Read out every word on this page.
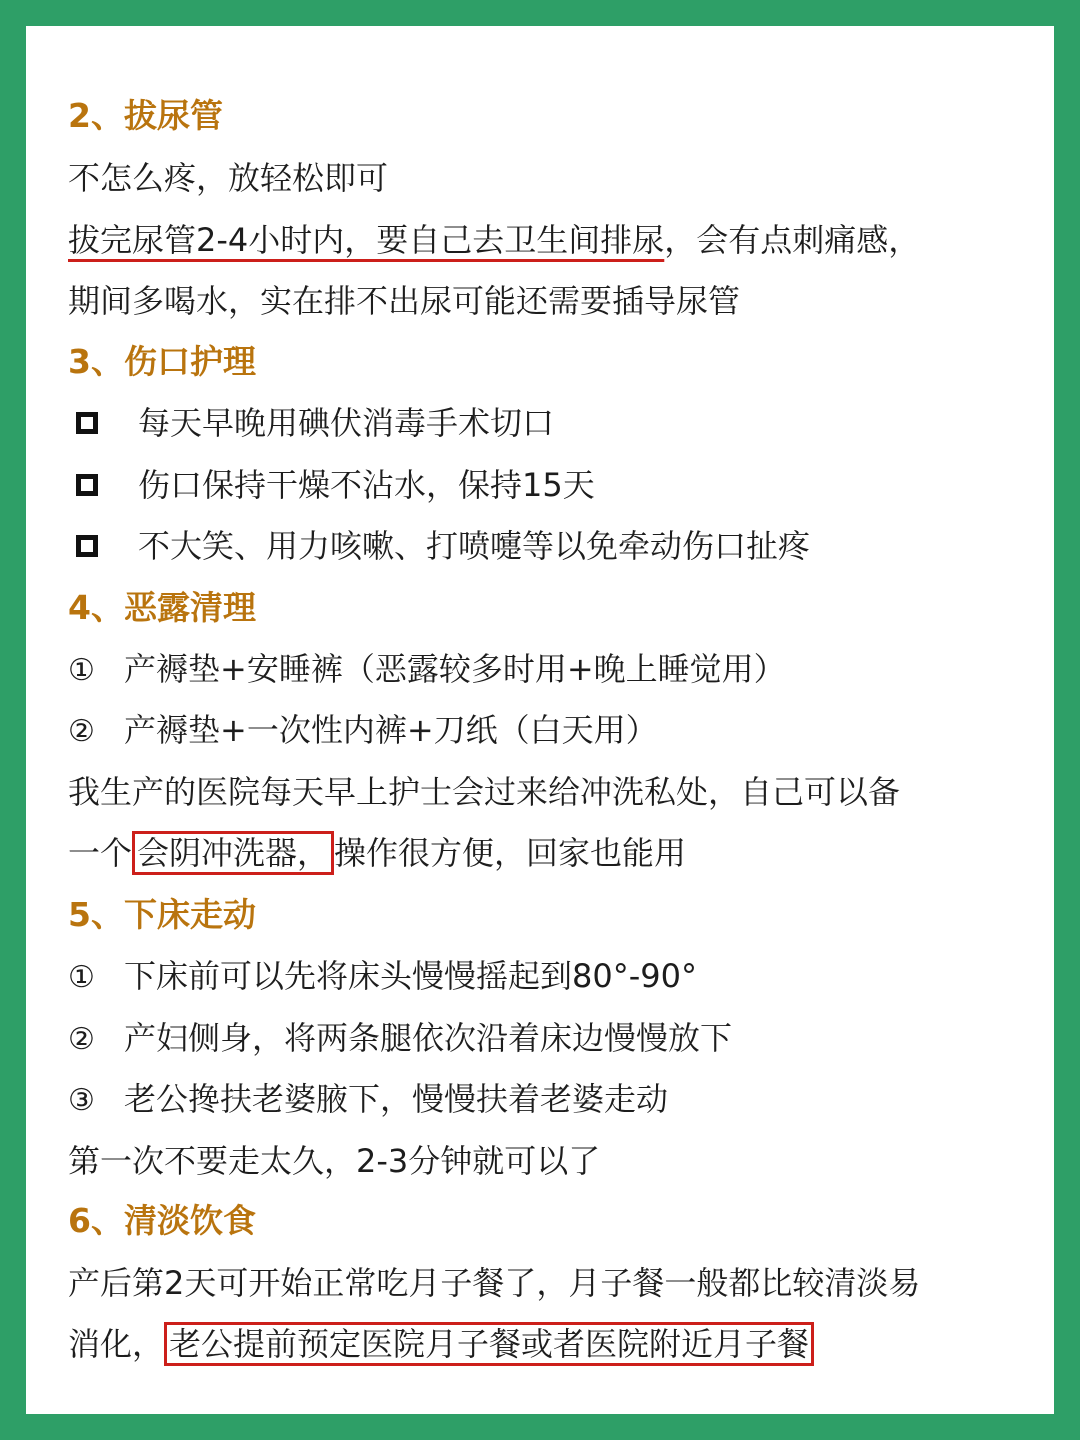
2、拔尿管
不怎么疼，放轻松即可
拔完尿管2-4小时内，要自己去卫生间排尿，会有点刺痛感，
期间多喝水，实在排不出尿可能还需要插导尿管
3、伤口护理
每天早晚用碘伏消毒手术切口
伤口保持干燥不沾水，保持15天
不大笑、用力咳嗽、打喷嚏等以免牵动伤口扯疼
4、恶露清理
① 产褥垫+安睡裤（恶露较多时用+晚上睡觉用）
② 产褥垫+一次性内裤+刀纸（白天用）
我生产的医院每天早上护士会过来给冲洗私处，自己可以备
一个 会阴冲洗器， 操作很方便，回家也能用
5、下床走动
① 下床前可以先将床头慢慢摇起到80°-90°
② 产妇侧身，将两条腿依次沿着床边慢慢放下
③ 老公搀扶老婆腋下，慢慢扶着老婆走动
第一次不要走太久，2-3分钟就可以了
6、清淡饮食
产后第2天可开始正常吃月子餐了，月子餐一般都比较清淡易
消化， 老公提前预定医院月子餐或者医院附近月子餐
